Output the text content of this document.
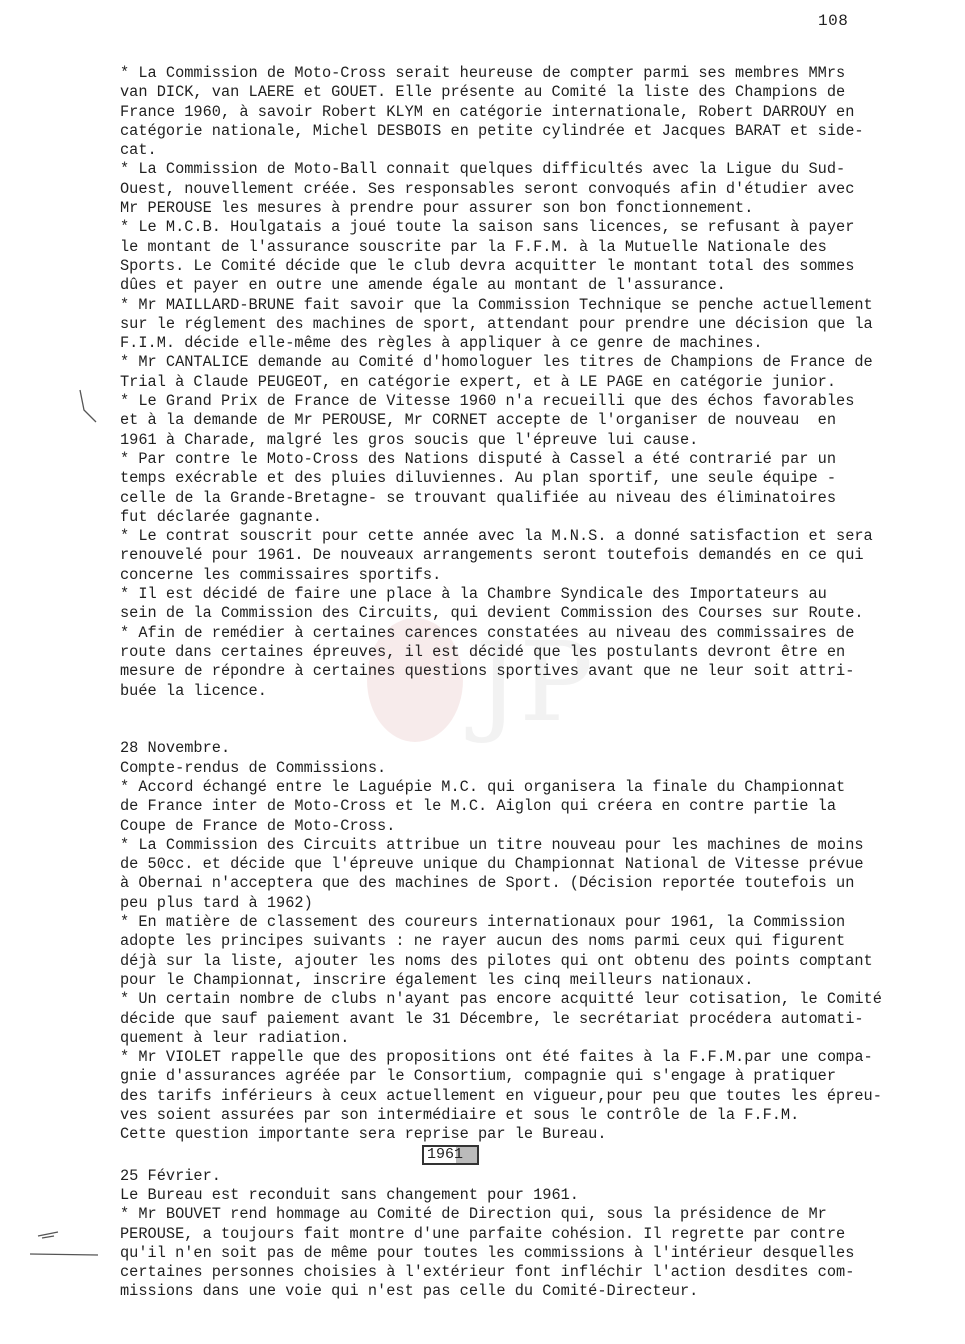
108
JP
* La Commission de Moto-Cross serait heureuse de compter parmi ses membres MMrs
van DICK, van LAERE et GOUET. Elle présente au Comité la liste des Champions de
France 1960, à savoir Robert KLYM en catégorie internationale, Robert DARROUY en
catégorie nationale, Michel DESBOIS en petite cylindrée et Jacques BARAT et side-
cat.
* La Commission de Moto-Ball connait quelques difficultés avec la Ligue du Sud-
Ouest, nouvellement créée. Ses responsables seront convoqués afin d'étudier avec
Mr PEROUSE les mesures à prendre pour assurer son bon fonctionnement.
* Le M.C.B. Houlgatais a joué toute la saison sans licences, se refusant à payer
le montant de l'assurance souscrite par la F.F.M. à la Mutuelle Nationale des
Sports. Le Comité décide que le club devra acquitter le montant total des sommes
dûes et payer en outre une amende égale au montant de l'assurance.
* Mr MAILLARD-BRUNE fait savoir que la Commission Technique se penche actuellement
sur le réglement des machines de sport, attendant pour prendre une décision que la
F.I.M. décide elle-même des règles à appliquer à ce genre de machines.
* Mr CANTALICE demande au Comité d'homologuer les titres de Champions de France de
Trial à Claude PEUGEOT, en catégorie expert, et à LE PAGE en catégorie junior.
* Le Grand Prix de France de Vitesse 1960 n'a recueilli que des échos favorables
et à la demande de Mr PEROUSE, Mr CORNET accepte de l'organiser de nouveau  en
1961 à Charade, malgré les gros soucis que l'épreuve lui cause.
* Par contre le Moto-Cross des Nations disputé à Cassel a été contrarié par un
temps exécrable et des pluies diluviennes. Au plan sportif, une seule équipe -
celle de la Grande-Bretagne- se trouvant qualifiée au niveau des éliminatoires
fut déclarée gagnante.
* Le contrat souscrit pour cette année avec la M.N.S. a donné satisfaction et sera
renouvelé pour 1961. De nouveaux arrangements seront toutefois demandés en ce qui
concerne les commissaires sportifs.
* Il est décidé de faire une place à la Chambre Syndicale des Importateurs au
sein de la Commission des Circuits, qui devient Commission des Courses sur Route.
* Afin de remédier à certaines carences constatées au niveau des commissaires de
route dans certaines épreuves, il est décidé que les postulants devront être en
mesure de répondre à certaines questions sportives avant que ne leur soit attri-
buée la licence.
28 Novembre.
Compte-rendus de Commissions.
* Accord échangé entre le Laguépie M.C. qui organisera la finale du Championnat
de France inter de Moto-Cross et le M.C. Aiglon qui créera en contre partie la
Coupe de France de Moto-Cross.
* La Commission des Circuits attribue un titre nouveau pour les machines de moins
de 50cc. et décide que l'épreuve unique du Championnat National de Vitesse prévue
à Obernai n'acceptera que des machines de Sport. (Décision reportée toutefois un
peu plus tard à 1962)
* En matière de classement des coureurs internationaux pour 1961, la Commission
adopte les principes suivants : ne rayer aucun des noms parmi ceux qui figurent
déjà sur la liste, ajouter les noms des pilotes qui ont obtenu des points comptant
pour le Championnat, inscrire également les cinq meilleurs nationaux.
* Un certain nombre de clubs n'ayant pas encore acquitté leur cotisation, le Comité
décide que sauf paiement avant le 31 Décembre, le secrétariat procédera automati-
quement à leur radiation.
* Mr VIOLET rappelle que des propositions ont été faites à la F.F.M.par une compa-
gnie d'assurances agréée par le Consortium, compagnie qui s'engage à pratiquer
des tarifs inférieurs à ceux actuellement en vigueur,pour peu que toutes les épreu-
ves soient assurées par son intermédiaire et sous le contrôle de la F.F.M.
Cette question importante sera reprise par le Bureau.
1961
25 Février.
Le Bureau est reconduit sans changement pour 1961.
* Mr BOUVET rend hommage au Comité de Direction qui, sous la présidence de Mr
PEROUSE, a toujours fait montre d'une parfaite cohésion. Il regrette par contre
qu'il n'en soit pas de même pour toutes les commissions à l'intérieur desquelles
certaines personnes choisies à l'extérieur font infléchir l'action desdites com-
missions dans une voie qui n'est pas celle du Comité-Directeur.
